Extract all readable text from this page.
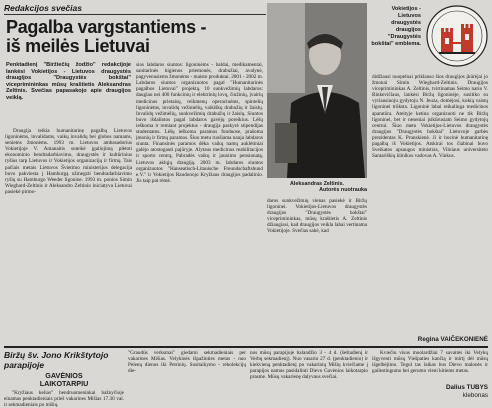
Redakcijos svečias
Pagalba vargstantiems -
iš meilės Lietuvai
Penktadienį "Biržiečių žodžio" redakcijoje lankėsi Vokietijos - Lietuvos draugystės draugijos "Draugystės bokštai" viceprimininkas mūsų kraštietis Aleksandras Zeltinis. Svečias papasakojo apie draugijos veiklą.

Draugija teikia humanitarinę pagalbą Lietuvos ligoninėms, invalidams, vaikų invalidų bei globos namams, seniems žmonėms. 1993 m. Lietuvos ambasadorius Vokietijoje V. Antanaitis suteikė įgaliojimą plėtoti ekonominio bendradarbiavimo, draugystės ir kultūrinius ryšius tarp Lietuvos ir Vokietijos organizacijų ir firmų. Tais pačiais metais Lietuvos Švietimo ministerijos delegacija buvo pakviesta į Hamburgą užmegzti bendradarbiavimo ryšių su Hamburgo Weeder ligonine. 1993 m. ponios Simin Wieghard-Zeltinis ir Aleksandro Zeltinio iniciatyva Lietuvai pasiekė pirmo-

sios labdaros siuntos: ligoninėms - baldai, medikamentai, sanitarinės higienos priemonės, drabužiai, avalynė, pagyvenusiems žmonėms - maisto produktai. 2001 - 2002 m. Labdaros siuntos organizuotos pagal "Humanitarinės pagalbos Lietuvai" projektą. 10 sunkvežimių labdaros: daugiau nei 400 funkcinių ir elektrinių lovų, čiužinių, įvairių medicinos prietaisų, reikmenų operacinėms, spintelių ligoninėms, invalidų vežimėlių, vaikiškų drabužių ir žaislų. Invalidų vežimėlių, sunkvežimių drabužių ir žaislų. Siuntos buvo išdalintos pagal labdaros gavėjų poreikius. Lėšų ieškoma ir remiant projektus - draugija paskyrė stipendijas studentams. Lėšų ieškoma paramos fonduose, prašoma įmonių ir firmų paramos. Šiuo metu ruošiama nauja labdaros siunta. Finansinės paramos dėka vaikų namų auklėtiniai galėjo atostogauti pajūryje. Alytaus medicinos reabilitacijos ir sporto centrą, Pabradės vaikų ir jaunimo pensionatą, Lietuvos aklųjų draugiją. 2003 m. labdaros siuntos organizuotos "Hanseatisch-Litauische Freundschaftsbund e.V." ir Vokietijos Raudonojo Kryžiaus draugijos padalinio. Jis taip pat rėmė.

Aleksandras Zeltinis.
Autorės nuotrauka

daros sunkvežimių vienas pasiekė ir Biržų ligoninei. Vokietijos-Lietuvos draugystės draugijos "Draugystės bokštai" viceprimininkas, mūsų kraštietis A. Zeltinis džiaugiasi, kad draugijos veikla labai vertinama Vokietijoje. Svečias sakė, kad

Vokietijos - Lietuvos draugystės draugijos "Draugystės bokštai" emblema.

didžiausi nuopelnai priklauso šios draugijos įkūrėjai jo žmonai Simin Wieghard-Zeltinis. Draugijos viceprimininkas A. Zeltinis, tvirtinamas Seimo nario V. Rinkevičiaus, lankėsi Biržų ligoninėje, susitiko su vyriausiuoju gydytoju N. Jeuza, domėjosi, kokių vaistų ligoninei trūksta. Ligoninė labai reikalinga medicinos aparatūra. Ateityje ketina organizuoti ne tik Biržų ligoninei, bet ir neseniai įsikūrusiam Seimo gydytojų centrui. Šiuo metu Vokietijos-Lietuvos draugystės draugijos "Draugystės bokštai" Lietuvoje garbės prezidentas K. Prunskienė. Ji ir bocinė humanitarinę pagalbą iš Vokietijos. Atskirai tos čiabinai buvo Sveikatos apsaugos ministras, Vilniaus universiteto Santariškių klinikos vadovas A. Vinkus.

Regina VAIČEKONIENĖ
Biržų šv. Jono Krikštytojo parapijoje
GAVĖNIOS
LAIKOTARPIU

"Kryžiaus kelias" bendruomeninkai bažnyčioje einamas penktadieniais prieš vakarines Mišias 17.30 val. ir sekmadieniais po mišių.

"Graudūs verksmai" giedami sekmadieniais per vakarines Mišias. Velykinės išpažinties metas - nuo Pelenų dienos iki Petrinių. Susitaikymo - rekolekcijų die-

nos mūsų parapijoje balandžio 3 - 4 d. (šeštadienį ir Verbų sekmadienį). Nuo vasario 27 d. (penktadienio) ir kiekvieną penktadienį po vakarinių Mišių kviečiame į parapijos namus pasidalinti Dievo Gavėnios laikotarpio prasme. Mūsų vakarienę dalyvaus svečiai.

Kviečiu visus moolardžiai 7 savaitės iki Velykų išgyventi mūsų Viešpaties kančią ir mirtį dėl mūsų išgelbėjimo. Tegul tas laikas bus Dievo malonės ir gailestingumo bei gerumo vieni kitiems metas.

Dalius TUBYS
klebonas
